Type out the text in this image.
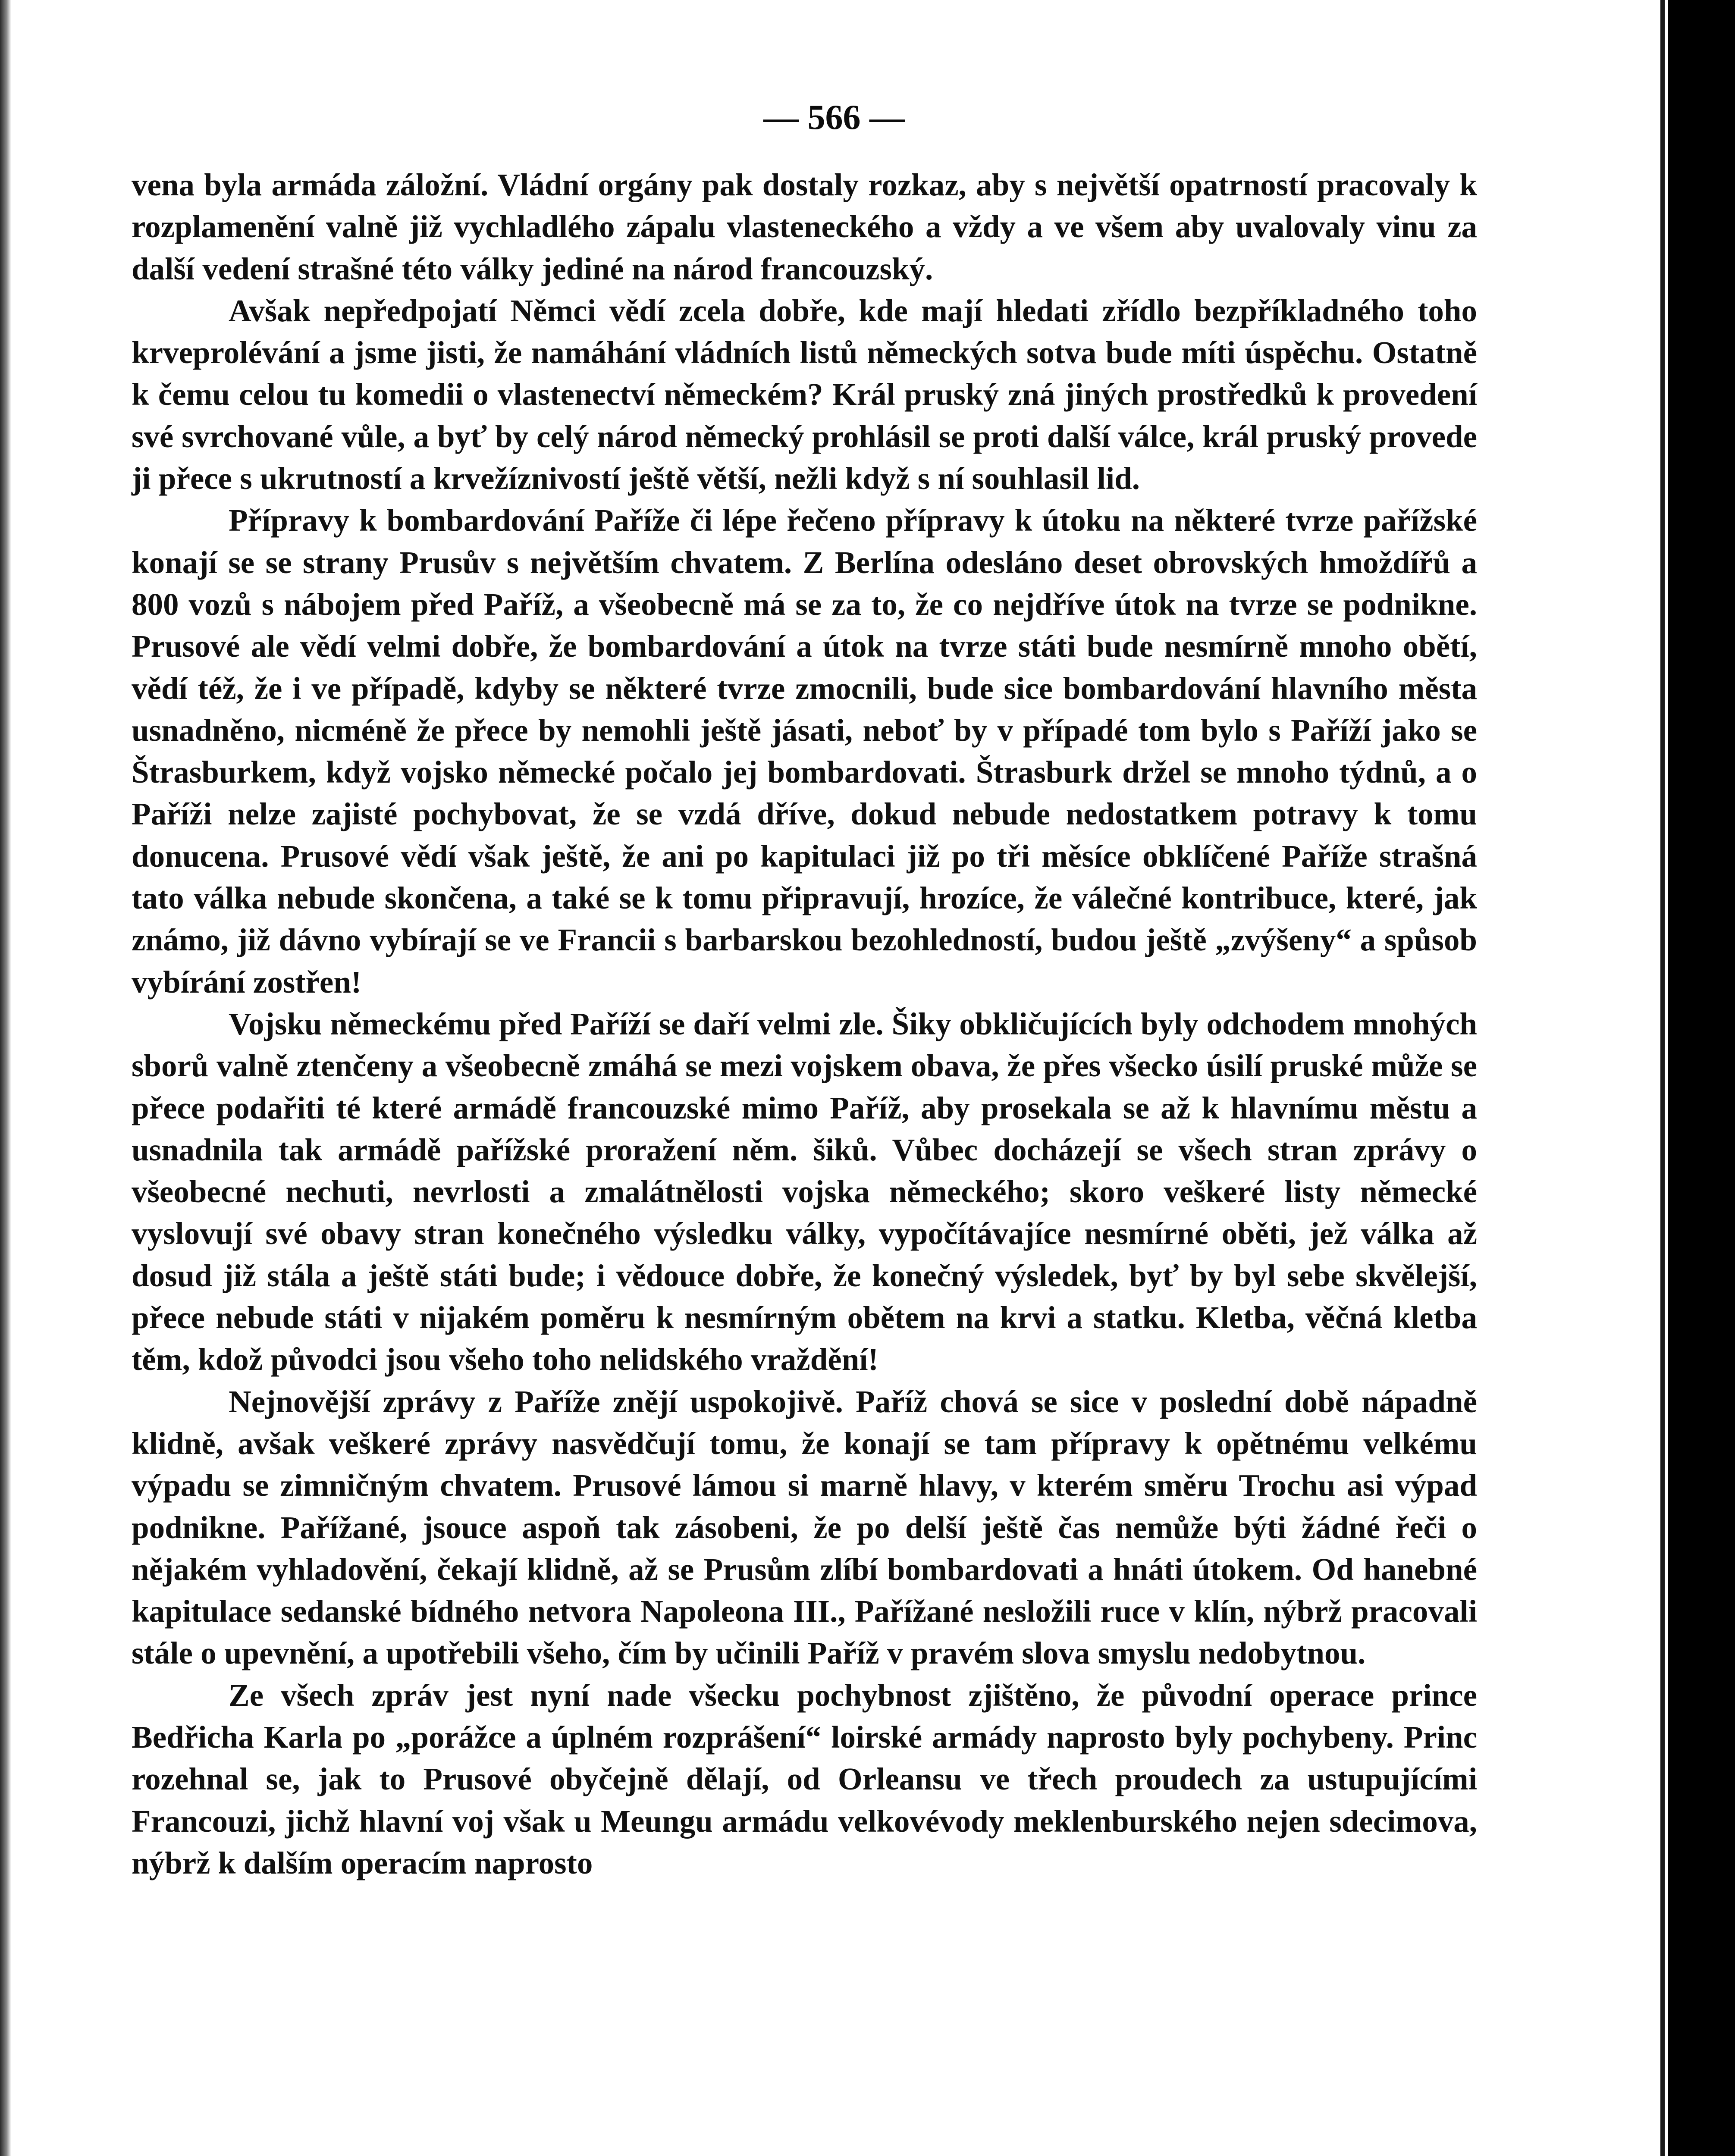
— 566 —

vena byla armáda záložní. Vládní orgány pak dostaly rozkaz, aby s největší opatrností pracovaly k rozplamenění valně již vychladlého zápalu vlasteneckého a vždy a ve všem aby uvalovaly vinu za další vedení strašné této války jediné na národ francouzský.

Avšak nepředpojatí Němci vědí zcela dobře, kde mají hledati zřídlo bezpříkladného toho krveprolévání a jsme jisti, že namáhání vládních listů německých sotva bude míti úspěchu. Ostatně k čemu celou tu komedii o vlastenectví německém? Král pruský zná jiných prostředků k provedení své svrchované vůle, a byť by celý národ německý prohlásil se proti další válce, král pruský provede ji přece s ukrutností a krvežíznivostí ještě větší, nežli když s ní souhlasil lid.

Přípravy k bombardování Paříže či lépe řečeno přípravy k útoku na některé tvrze pařížské konají se se strany Prusův s největším chvatem. Z Berlína odesláno deset obrovských hmoždířů a 800 vozů s nábojem před Paříž, a všeobecně má se za to, že co nejdříve útok na tvrze se podnikne. Prusové ale vědí velmi dobře, že bombardování a útok na tvrze státi bude nesmírně mnoho obětí, vědí též, že i ve případě, kdyby se některé tvrze zmocnili, bude sice bombardování hlavního města usnadněno, nicméně že přece by nemohli ještě jásati, neboť by v případé tom bylo s Paříží jako se Štrasburkem, když vojsko německé počalo jej bombardovati. Štrasburk držel se mnoho týdnů, a o Paříži nelze zajisté pochybovat, že se vzdá dříve, dokud nebude nedostatkem potravy k tomu donucena. Prusové vědí však ještě, že ani po kapitulaci již po tři měsíce obklíčené Paříže strašná tato válka nebude skončena, a také se k tomu připravují, hrozíce, že válečné kontribuce, které, jak známo, již dávno vybírají se ve Francii s barbarskou bezohledností, budou ještě „zvýšeny“ a spůsob vybírání zostřen!

Vojsku německému před Paříží se daří velmi zle. Šiky obkličujících byly odchodem mnohých sborů valně ztenčeny a všeobecně zmáhá se mezi vojskem obava, že přes všecko úsilí pruské může se přece podařiti té které armádě francouzské mimo Paříž, aby prosekala se až k hlavnímu městu a usnadnila tak armádě pařížské proražení něm. šiků. Vůbec docházejí se všech stran zprávy o všeobecné nechuti, nevrlosti a zmalátnělosti vojska německého; skoro veškeré listy německé vyslovují své obavy stran konečného výsledku války, vypočítávajíce nesmírné oběti, jež válka až dosud již stála a ještě státi bude; i vědouce dobře, že konečný výsledek, byť by byl sebe skvělejší, přece nebude státi v nijakém poměru k nesmírným obětem na krvi a statku. Kletba, věčná kletba těm, kdož původci jsou všeho toho nelidského vraždění!

Nejnovější zprávy z Paříže znějí uspokojivě. Paříž chová se sice v poslední době nápadně klidně, avšak veškeré zprávy nasvědčují tomu, že konají se tam přípravy k opětnému velkému výpadu se zimničným chvatem. Prusové lámou si marně hlavy, v kterém směru Trochu asi výpad podnikne. Pařížané, jsouce aspoň tak zásobeni, že po delší ještě čas nemůže býti žádné řeči o nějakém vyhladovění, čekají klidně, až se Prusům zlíbí bombardovati a hnáti útokem. Od hanebné kapitulace sedanské bídného netvora Napoleona III., Pařížané nesložili ruce v klín, nýbrž pracovali stále o upevnění, a upotřebili všeho, čím by učinili Paříž v pravém slova smyslu nedobytnou.

Ze všech zpráv jest nyní nade všecku pochybnost zjištěno, že původní operace prince Bedřicha Karla po „porážce a úplném rozprášení“ loirské armády naprosto byly pochybeny. Princ rozehnal se, jak to Prusové obyčejně dělají, od Orleansu ve třech proudech za ustupujícími Francouzi, jichž hlavní voj však u Meungu armádu velkovévody meklenburského nejen sdecimova, nýbrž k dalším operacím naprosto
